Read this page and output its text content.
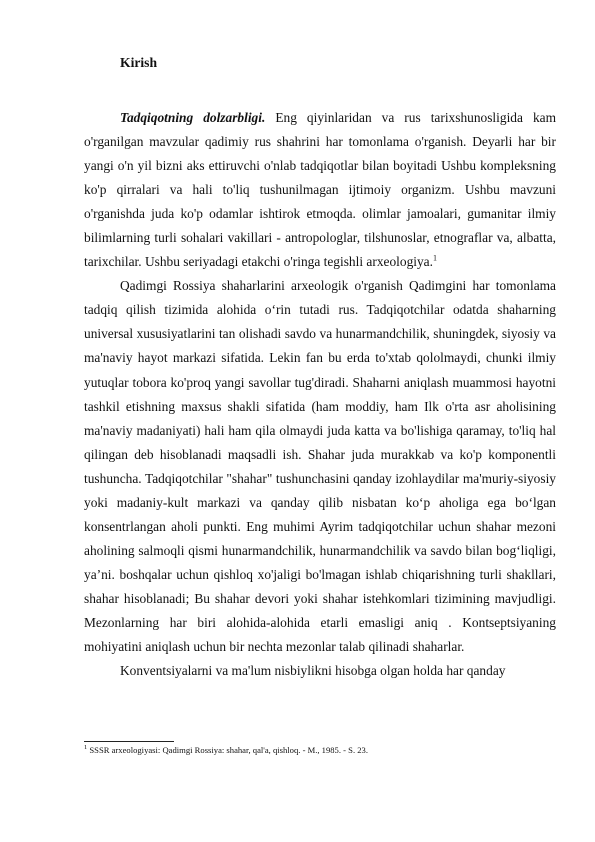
Kirish

Tadqiqotning dolzarbligi. Eng qiyinlaridan va rus tarixshunosligida kam o'rganilgan mavzular qadimiy rus shahrini har tomonlama o'rganish. Deyarli har bir yangi o'n yil bizni aks ettiruvchi o'nlab tadqiqotlar bilan boyitadi Ushbu kompleksning ko'p qirralari va hali to'liq tushunilmagan ijtimoiy organizm. Ushbu mavzuni o'rganishda juda ko'p odamlar ishtirok etmoqda. olimlar jamoalari, gumanitar ilmiy bilimlarning turli sohalari vakillari - antropologlar, tilshunoslar, etnograflar va, albatta, tarixchilar. Ushbu seriyadagi etakchi o'ringa tegishli arxeologiya.$^1$

Qadimgi Rossiya shaharlarini arxeologik o'rganish Qadimgini har tomonlama tadqiq qilish tizimida alohida o‘rin tutadi rus. Tadqiqotchilar odatda shaharning universal xususiyatlarini tan olishadi savdo va hunarmandchilik, shuningdek, siyosiy va ma'naviy hayot markazi sifatida. Lekin fan bu erda to'xtab qololmaydi, chunki ilmiy yutuqlar tobora ko'proq yangi savollar tug'diradi. Shaharni aniqlash muammosi hayotni tashkil etishning maxsus shakli sifatida (ham moddiy, ham Ilk o'rta asr aholisining ma'naviy madaniyati) hali ham qila olmaydi juda katta va bo'lishiga qaramay, to'liq hal qilingan deb hisoblanadi maqsadli ish. Shahar juda murakkab va ko'p komponentli tushuncha. Tadqiqotchilar "shahar" tushunchasini qanday izohlaydilar ma'muriy-siyosiy yoki madaniy-kult markazi va qanday qilib nisbatan ko‘p aholiga ega bo‘lgan konsentrlangan aholi punkti. Eng muhimi Ayrim tadqiqotchilar uchun shahar mezoni aholining salmoqli qismi hunarmandchilik, hunarmandchilik va savdo bilan bog‘liqligi, ya’ni. boshqalar uchun qishloq xo'jaligi bo'lmagan ishlab chiqarishning turli shakllari, shahar hisoblanadi; Bu shahar devori yoki shahar istehkomlari tizimining mavjudligi. Mezonlarning har biri alohida-alohida etarli emasligi aniq . Kontseptsiyaning mohiyatini aniqlash uchun bir nechta mezonlar talab qilinadi shaharlar.

Konventsiyalarni va ma'lum nisbiylikni hisobga olgan holda har qanday

$^1$ SSSR arxeologiyasi: Qadimgi Rossiya: shahar, qal'a, qishloq. - M., 1985. - S. 23.
